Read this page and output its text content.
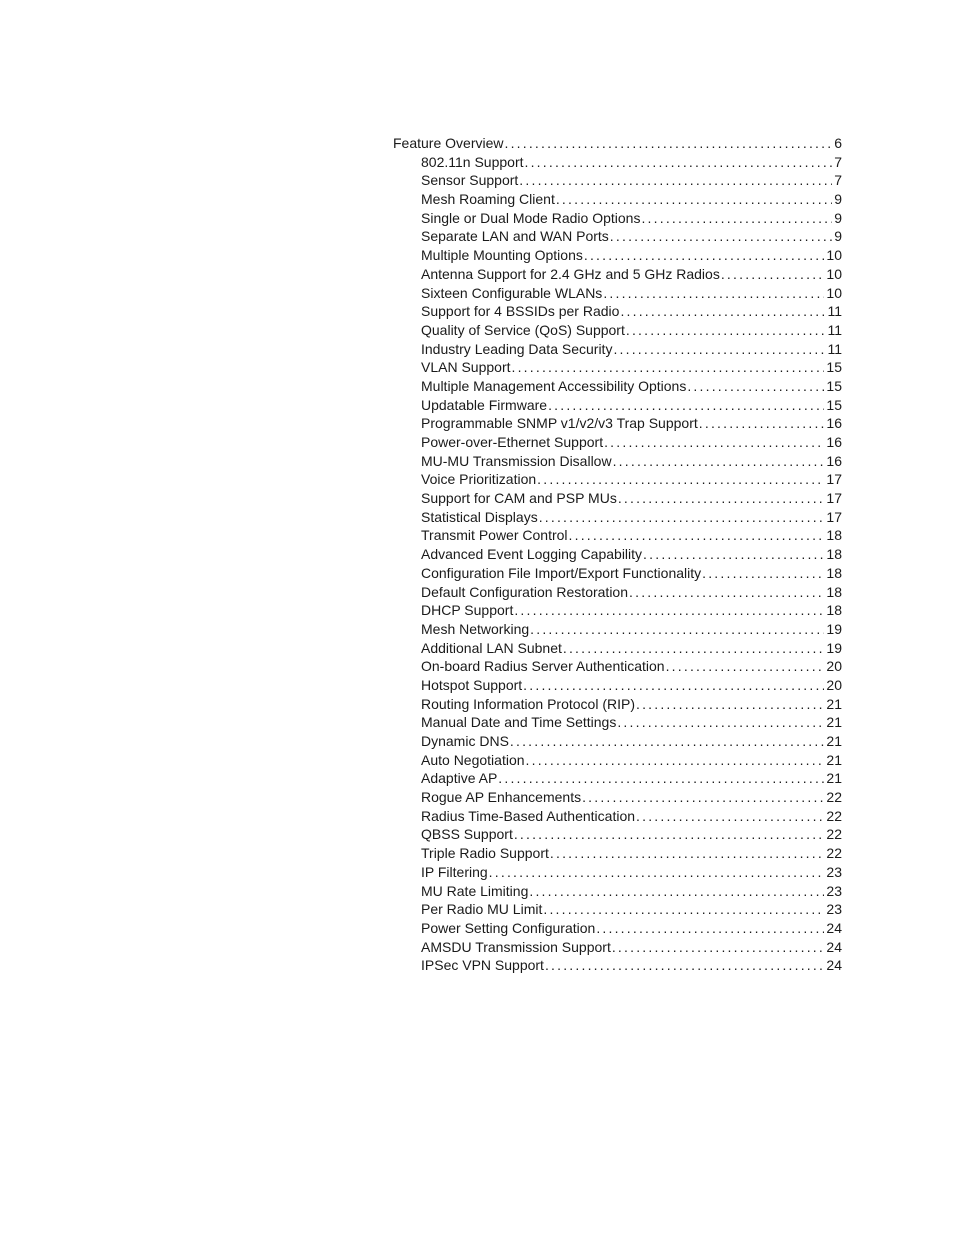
Feature Overview .....	6
802.11n Support .....	7
Sensor Support .....	7
Mesh Roaming Client .....	9
Single or Dual Mode Radio Options .....	9
Separate LAN and WAN Ports .....	9
Multiple Mounting Options .....	10
Antenna Support for 2.4 GHz and 5 GHz Radios .....	10
Sixteen Configurable WLANs .....	10
Support for 4 BSSIDs per Radio .....	11
Quality of Service (QoS) Support .....	11
Industry Leading Data Security .....	11
VLAN Support .....	15
Multiple Management Accessibility Options .....	15
Updatable Firmware .....	15
Programmable SNMP v1/v2/v3 Trap Support .....	16
Power-over-Ethernet Support .....	16
MU-MU Transmission Disallow .....	16
Voice Prioritization .....	17
Support for CAM and PSP MUs .....	17
Statistical Displays .....	17
Transmit Power Control .....	18
Advanced Event Logging Capability .....	18
Configuration File Import/Export Functionality .....	18
Default Configuration Restoration .....	18
DHCP Support .....	18
Mesh Networking .....	19
Additional LAN Subnet .....	19
On-board Radius Server Authentication .....	20
Hotspot Support .....	20
Routing Information Protocol (RIP) .....	21
Manual Date and Time Settings .....	21
Dynamic DNS .....	21
Auto Negotiation .....	21
Adaptive AP .....	21
Rogue AP Enhancements .....	22
Radius Time-Based Authentication .....	22
QBSS Support .....	22
Triple Radio Support .....	22
IP Filtering .....	23
MU Rate Limiting .....	23
Per Radio MU Limit .....	23
Power Setting Configuration .....	24
AMSDU Transmission Support .....	24
IPSec VPN Support .....	24
